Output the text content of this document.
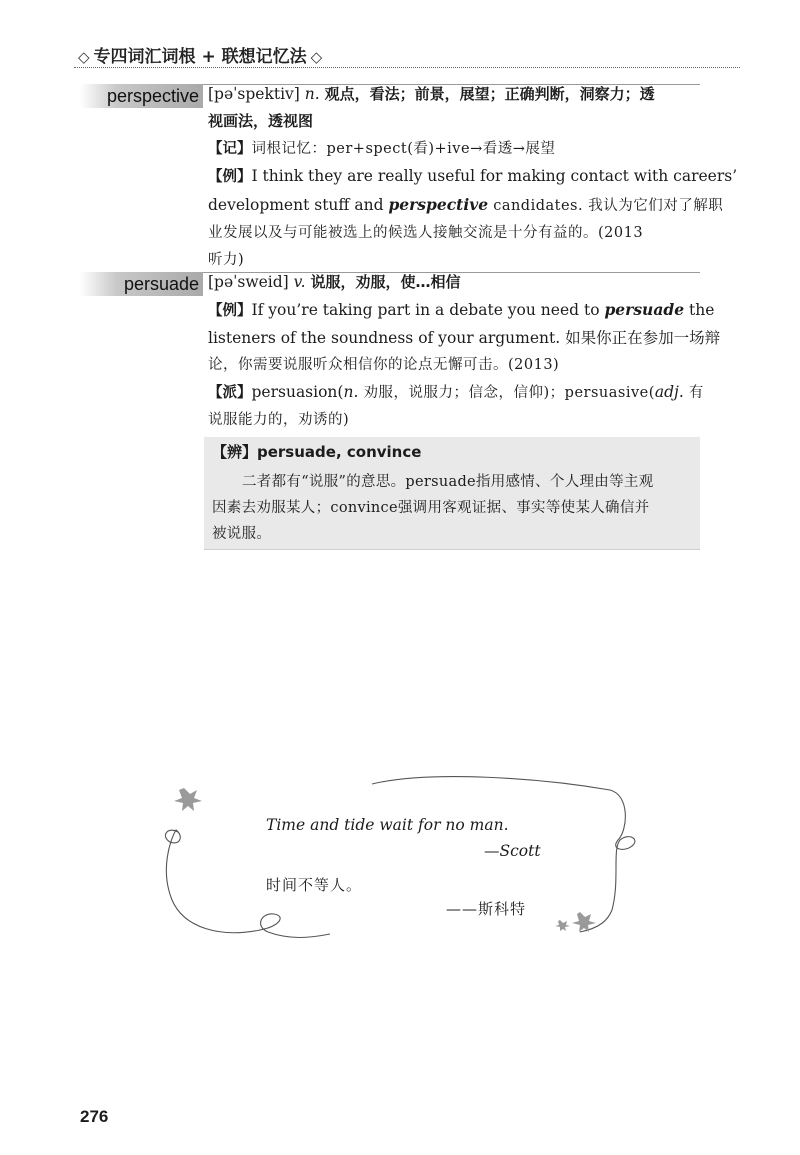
◇ 专四词汇词根 + 联想记忆法 ◇
perspective [pəˈspektiv] n. 观点，看法；前景，展望；正确判断，洞察力；透
视画法，透视图
【记】词根记忆：per+spect(看)+ive→看透→展望
【例】I think they are really useful for making contact with careers’
development stuff and perspective candidates. 我认为它们对了解职
业发展以及与可能被选上的候选人接触交流是十分有益的。(2013
听力)
persuade [pəˈsweid] v. 说服，劝服，使…相信
【例】If you’re taking part in a debate you need to persuade the
listeners of the soundness of your argument. 如果你正在参加一场辩
论，你需要说服听众相信你的论点无懈可击。(2013)
【派】persuasion(n. 劝服，说服力；信念，信仰)；persuasive(adj. 有
说服能力的，劝诱的)
【辨】persuade, convince
二者都有“说服”的意思。persuade指用感情、个人理由等主观
因素去劝服某人；convince强调用客观证据、事实等使某人确信并
被说服。
Time and tide wait for no man.
—Scott
时间不等人。
——斯科特
276
